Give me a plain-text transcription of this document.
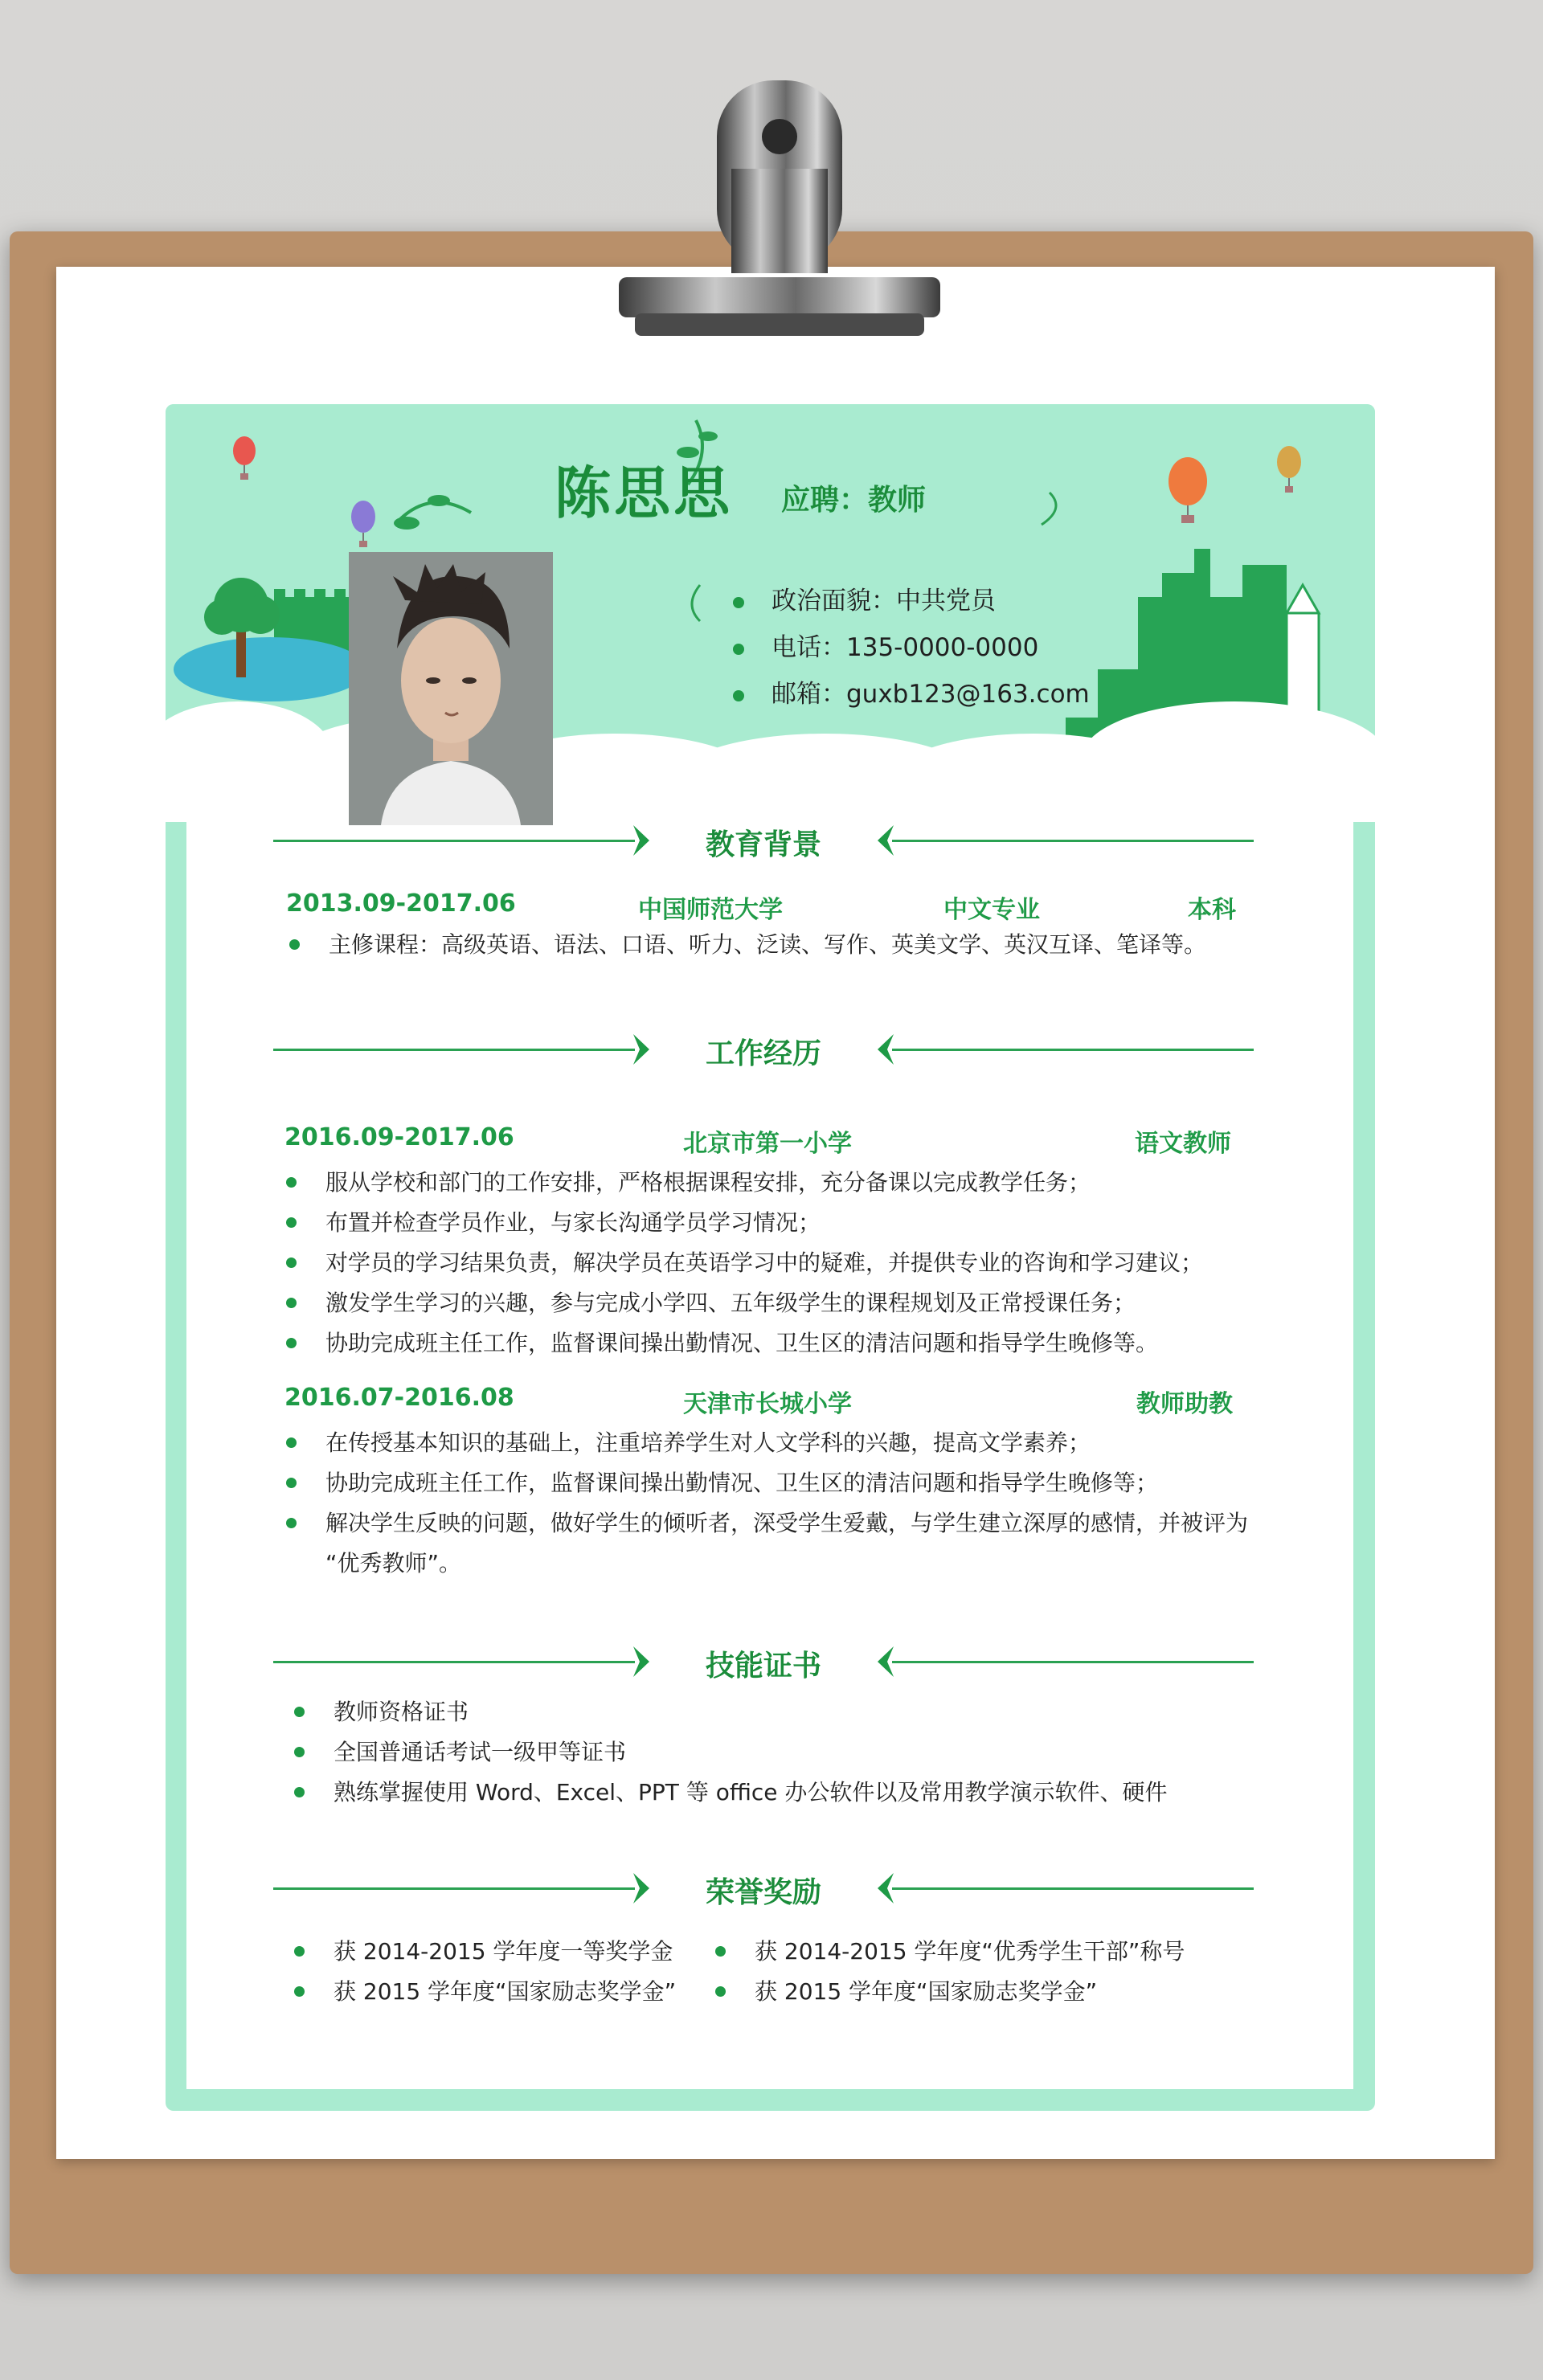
陈思思 应聘：教师
政治面貌：中共党员
电话：135-0000-0000
邮箱：guxb123@163.com
教育背景
2013.09-2017.06	中国师范大学	中文专业	本科
主修课程：高级英语、语法、口语、听力、泛读、写作、英美文学、英汉互译、笔译等。
工作经历
2016.09-2017.06	北京市第一小学	语文教师
服从学校和部门的工作安排，严格根据课程安排，充分备课以完成教学任务；
布置并检查学员作业，与家长沟通学员学习情况；
对学员的学习结果负责，解决学员在英语学习中的疑难，并提供专业的咨询和学习建议；
激发学生学习的兴趣，参与完成小学四、五年级学生的课程规划及正常授课任务；
协助完成班主任工作，监督课间操出勤情况、卫生区的清洁问题和指导学生晚修等。
2016.07-2016.08	天津市长城小学	教师助教
在传授基本知识的基础上，注重培养学生对人文学科的兴趣，提高文学素养；
协助完成班主任工作，监督课间操出勤情况、卫生区的清洁问题和指导学生晚修等；
解决学生反映的问题，做好学生的倾听者，深受学生爱戴，与学生建立深厚的感情，并被评为
“优秀教师”。
技能证书
教师资格证书
全国普通话考试一级甲等证书
熟练掌握使用 Word、Excel、PPT 等 office 办公软件以及常用教学演示软件、硬件
荣誉奖励
获 2014-2015 学年度一等奖学金	获 2014-2015 学年度“优秀学生干部”称号
获 2015 学年度“国家励志奖学金”	获 2015 学年度“国家励志奖学金”
